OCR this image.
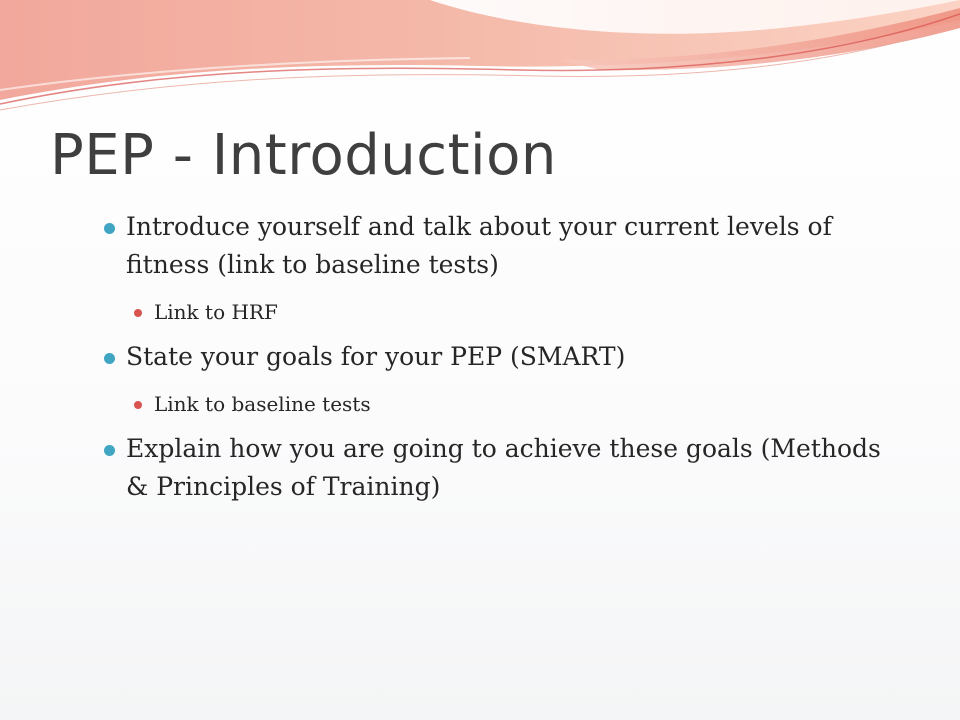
PEP - Introduction
Introduce yourself and talk about your current levels of fitness (link to baseline tests)
Link to HRF
State your goals for your PEP (SMART)
Link to baseline tests
Explain how you are going to achieve these goals (Methods & Principles of Training)
